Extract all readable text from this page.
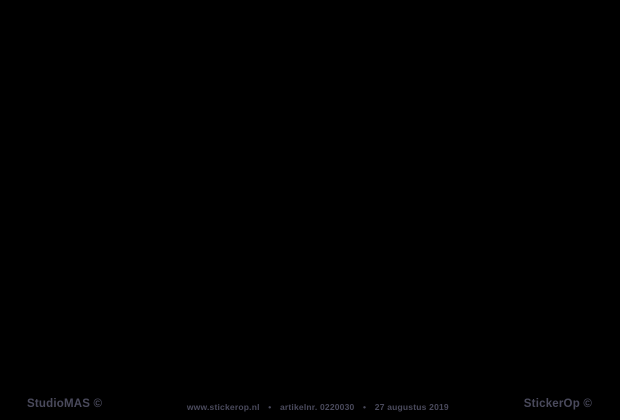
StudioMAS ©	www.stickerop.nl • artikelnr. 0220030 • 27 augustus 2019	StickerOp ©
